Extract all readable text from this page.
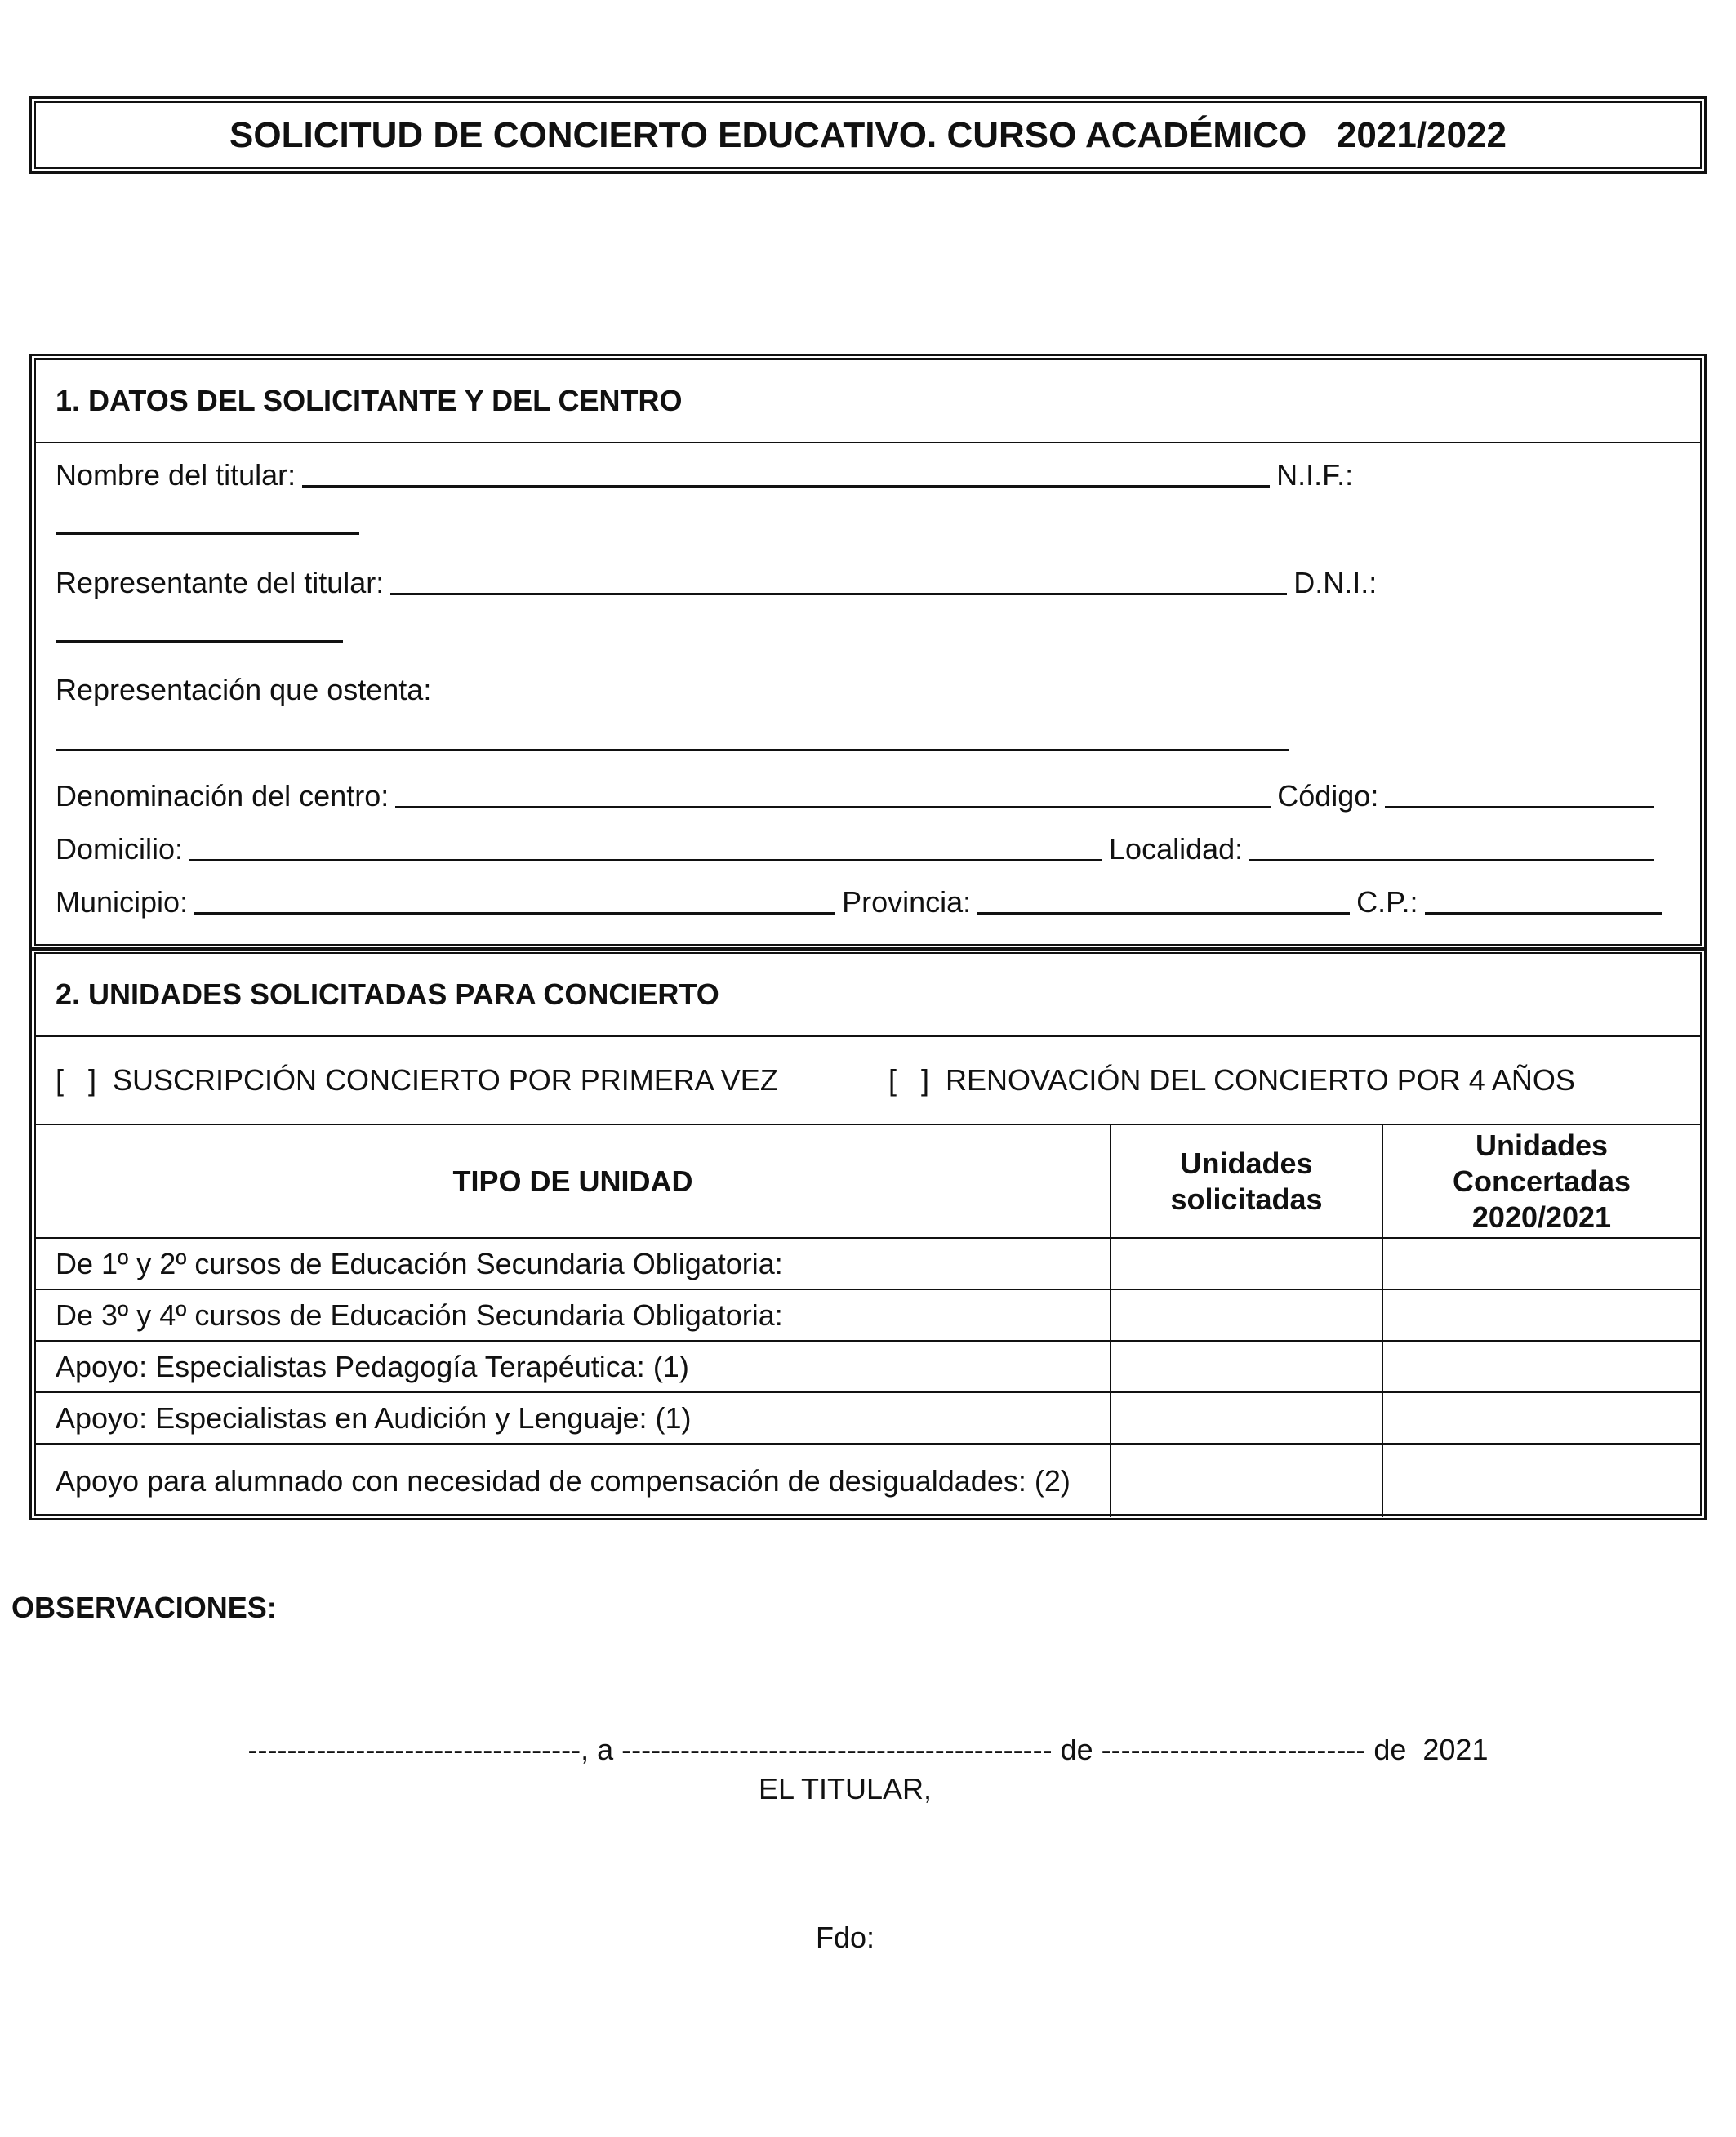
SOLICITUD DE CONCIERTO EDUCATIVO. CURSO ACADÉMICO   2021/2022
1. DATOS DEL SOLICITANTE Y DEL CENTRO
Nombre del titular:	N.I.F.:
Representante del titular:	D.N.I.:
Representación que ostenta:
Denominación del centro:	Código:
Domicilio:	Localidad:
Municipio:	Provincia:	C.P.:
2. UNIDADES SOLICITADAS PARA CONCIERTO
[   ]  SUSCRIPCIÓN CONCIERTO POR PRIMERA VEZ	[   ]  RENOVACIÓN DEL CONCIERTO POR 4 AÑOS
TIPO DE UNIDAD	Unidades solicitadas	Unidades Concertadas 2020/2021
De 1º y 2º cursos de Educación Secundaria Obligatoria:		
De 3º y 4º cursos de Educación Secundaria Obligatoria:		
Apoyo: Especialistas Pedagogía Terapéutica: (1)		
Apoyo: Especialistas en Audición y Lenguaje: (1)		
Apoyo para alumnado con necesidad de compensación de desigualdades: (2)		
OBSERVACIONES:
----------------------------------, a -------------------------------------------- de --------------------------- de  2021
EL TITULAR,
Fdo:
